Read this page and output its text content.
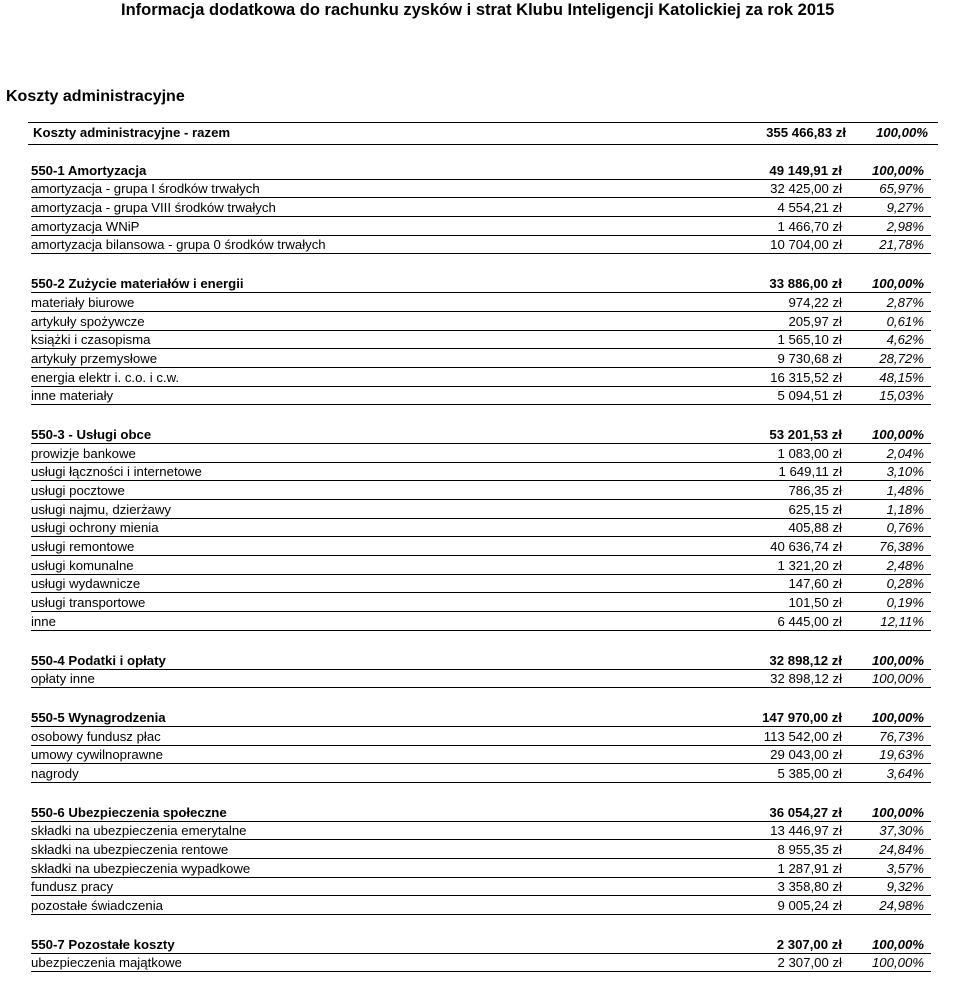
Informacja dodatkowa do rachunku zysków i strat Klubu Inteligencji Katolickiej za rok 2015
Koszty administracyjne
Koszty administracyjne - razem	355 466,83 zł 100,00%
550-1 Amortyzacja	49 149,91 zł 100,00%
amortyzacja - grupa I środków trwałych	32 425,00 zł	65,97%
amortyzacja - grupa VIII środków trwałych	4 554,21 zł	9,27%
amortyzacja WNiP	1 466,70 zł	2,98%
amortyzacja bilansowa - grupa 0 środków trwałych	10 704,00 zł	21,78%
550-2 Zużycie materiałów i energii	33 886,00 zł 100,00%
materiały biurowe	974,22 zł	2,87%
artykuły spożywcze	205,97 zł	0,61%
książki i czasopisma	1 565,10 zł	4,62%
artykuły przemysłowe	9 730,68 zł	28,72%
energia elektr i. c.o. i c.w.	16 315,52 zł	48,15%
inne materiały	5 094,51 zł	15,03%
550-3 - Usługi obce	53 201,53 zł 100,00%
prowizje bankowe	1 083,00 zł	2,04%
usługi łączności i internetowe	1 649,11 zł	3,10%
usługi pocztowe	786,35 zł	1,48%
usługi najmu, dzierżawy	625,15 zł	1,18%
usługi ochrony mienia	405,88 zł	0,76%
usługi remontowe	40 636,74 zł	76,38%
usługi komunalne	1 321,20 zł	2,48%
usługi wydawnicze	147,60 zł	0,28%
usługi transportowe	101,50 zł	0,19%
inne	6 445,00 zł	12,11%
550-4 Podatki i opłaty	32 898,12 zł 100,00%
opłaty inne	32 898,12 zł 100,00%
550-5 Wynagrodzenia	147 970,00 zł 100,00%
osobowy fundusz płac	113 542,00 zł	76,73%
umowy cywilnoprawne	29 043,00 zł	19,63%
nagrody	5 385,00 zł	3,64%
550-6 Ubezpieczenia społeczne	36 054,27 zł 100,00%
składki na ubezpieczenia emerytalne	13 446,97 zł	37,30%
składki na ubezpieczenia rentowe	8 955,35 zł	24,84%
składki na ubezpieczenia wypadkowe	1 287,91 zł	3,57%
fundusz pracy	3 358,80 zł	9,32%
pozostałe świadczenia	9 005,24 zł	24,98%
550-7 Pozostałe koszty	2 307,00 zł 100,00%
ubezpieczenia majątkowe	2 307,00 zł 100,00%
